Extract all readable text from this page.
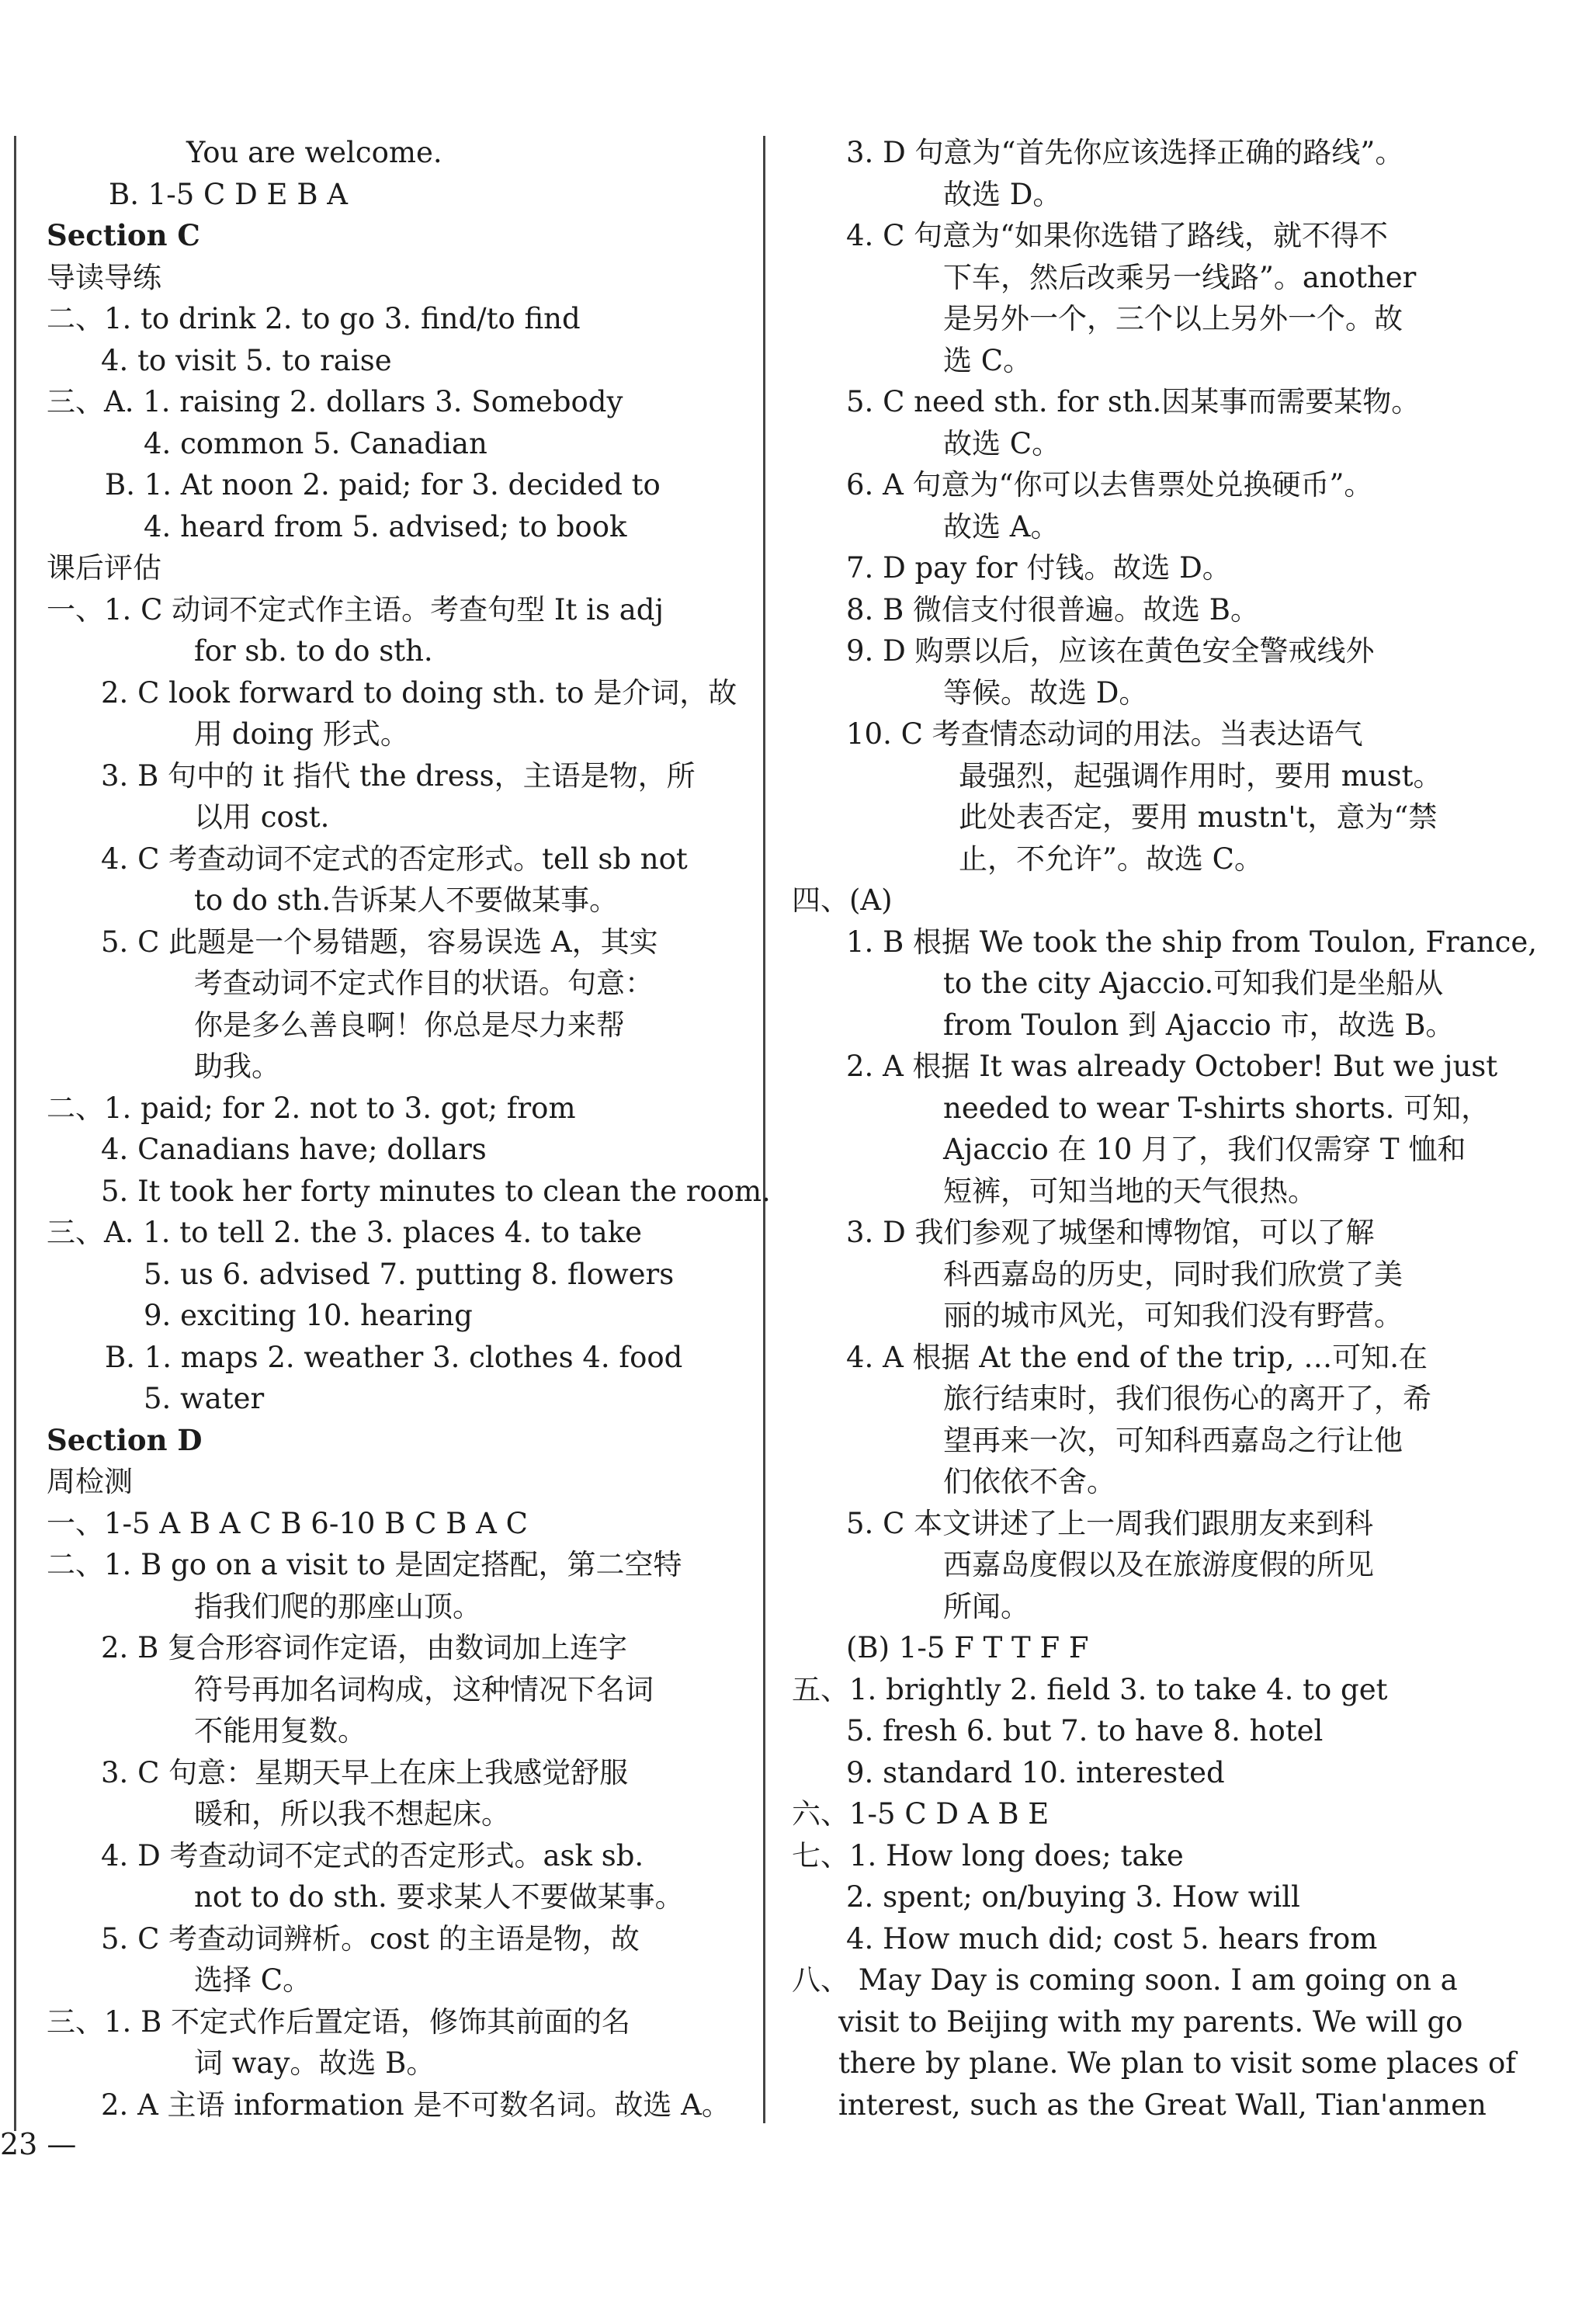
You are welcome.
B. 1-5 C D E B A
Section C
导读导练
二、1. to drink 2. to go 3. find/to find
4. to visit 5. to raise
三、A. 1. raising 2. dollars 3. Somebody
4. common 5. Canadian
B. 1. At noon 2. paid; for 3. decided to
4. heard from 5. advised; to book
课后评估
一、1. C 动词不定式作主语。考查句型 It is adj
for sb. to do sth.
2. C look forward to doing sth. to 是介词，故
用 doing 形式。
3. B 句中的 it 指代 the dress，主语是物，所
以用 cost.
4. C 考查动词不定式的否定形式。tell sb not
to do sth.告诉某人不要做某事。
5. C 此题是一个易错题，容易误选 A，其实
考查动词不定式作目的状语。句意：
你是多么善良啊！你总是尽力来帮
助我。
二、1. paid; for 2. not to 3. got; from
4. Canadians have; dollars
5. It took her forty minutes to clean the room.
三、A. 1. to tell 2. the 3. places 4. to take
5. us 6. advised 7. putting 8. flowers
9. exciting 10. hearing
B. 1. maps 2. weather 3. clothes 4. food
5. water
Section D
周检测
一、1-5 A B A C B 6-10 B C B A C
二、1. B go on a visit to 是固定搭配，第二空特
指我们爬的那座山顶。
2. B 复合形容词作定语，由数词加上连字
符号再加名词构成，这种情况下名词
不能用复数。
3. C 句意：星期天早上在床上我感觉舒服
暖和，所以我不想起床。
4. D 考查动词不定式的否定形式。ask sb.
not to do sth. 要求某人不要做某事。
5. C 考查动词辨析。cost 的主语是物，故
选择 C。
三、1. B 不定式作后置定语，修饰其前面的名
词 way。故选 B。
2. A 主语 information 是不可数名词。故选 A。
3. D 句意为“首先你应该选择正确的路线”。
故选 D。
4. C 句意为“如果你选错了路线，就不得不
下车，然后改乘另一线路”。another
是另外一个，三个以上另外一个。故
选 C。
5. C need sth. for sth.因某事而需要某物。
故选 C。
6. A 句意为“你可以去售票处兑换硬币”。
故选 A。
7. D pay for 付钱。故选 D。
8. B 微信支付很普遍。故选 B。
9. D 购票以后，应该在黄色安全警戒线外
等候。故选 D。
10. C 考查情态动词的用法。当表达语气
最强烈，起强调作用时，要用 must。
此处表否定，要用 mustn't，意为“禁
止，不允许”。故选 C。
四、(A)
1. B 根据 We took the ship from Toulon, France,
to the city Ajaccio.可知我们是坐船从
from Toulon 到 Ajaccio 市，故选 B。
2. A 根据 It was already October! But we just
needed to wear T-shirts shorts. 可知，
Ajaccio 在 10 月了，我们仅需穿 T 恤和
短裤，可知当地的天气很热。
3. D 我们参观了城堡和博物馆，可以了解
科西嘉岛的历史，同时我们欣赏了美
丽的城市风光，可知我们没有野营。
4. A 根据 At the end of the trip, …可知.在
旅行结束时，我们很伤心的离开了，希
望再来一次，可知科西嘉岛之行让他
们依依不舍。
5. C 本文讲述了上一周我们跟朋友来到科
西嘉岛度假以及在旅游度假的所见
所闻。
(B) 1-5 F T T F F
五、1. brightly 2. field 3. to take 4. to get
5. fresh 6. but 7. to have 8. hotel
9. standard 10. interested
六、1-5 C D A B E
七、1. How long does; take
2. spent; on/buying 3. How will
4. How much did; cost 5. hears from
八、 May Day is coming soon. I am going on a
visit to Beijing with my parents. We will go
there by plane. We plan to visit some places of
interest, such as the Great Wall, Tian'anmen
23 —
